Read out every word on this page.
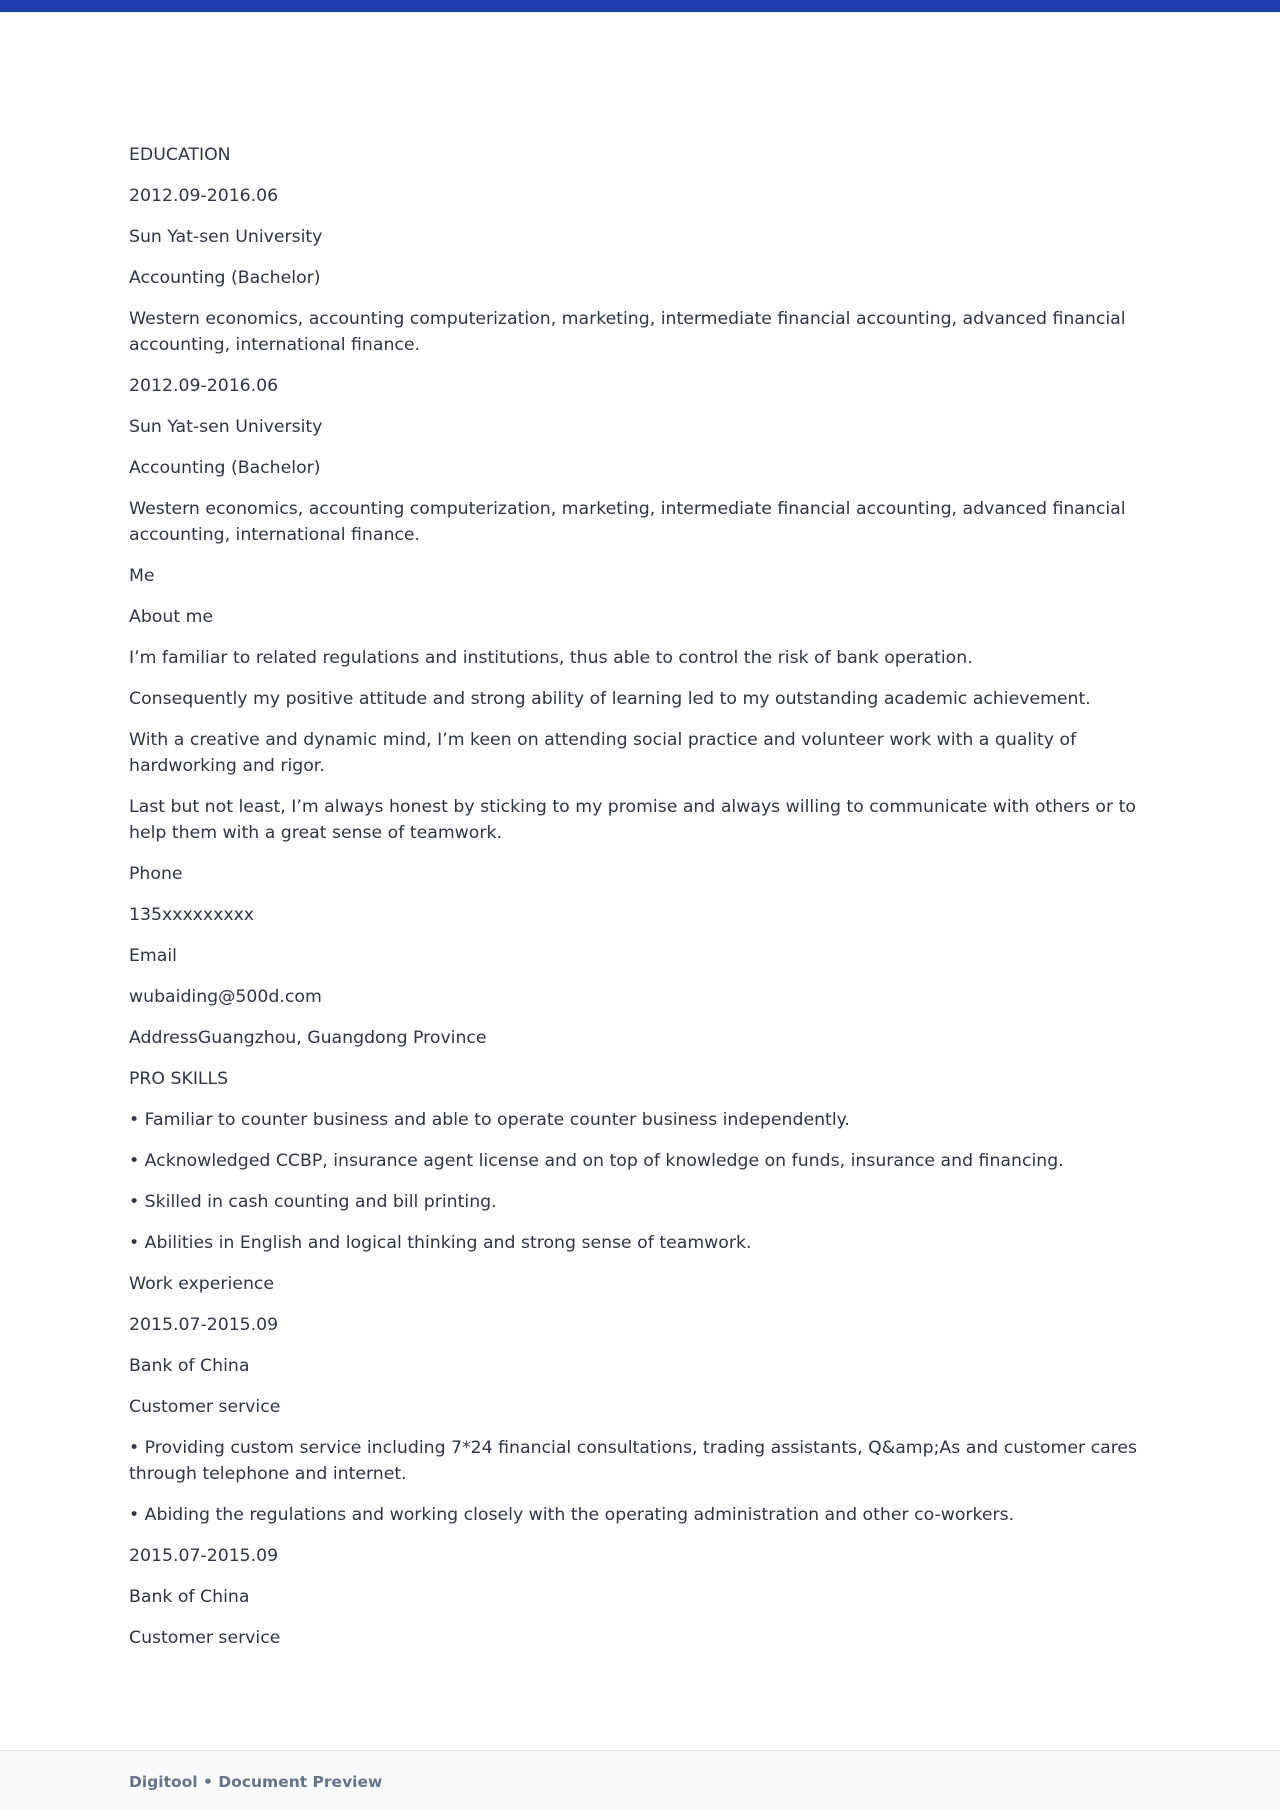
EDUCATION

2012.09-2016.06

Sun Yat-sen University

Accounting (Bachelor)

Western economics, accounting computerization, marketing, intermediate financial accounting, advanced financial accounting, international finance.

2012.09-2016.06

Sun Yat-sen University

Accounting (Bachelor)

Western economics, accounting computerization, marketing, intermediate financial accounting, advanced financial accounting, international finance.

Me

About me

I’m familiar to related regulations and institutions, thus able to control the risk of bank operation.

Consequently my positive attitude and strong ability of learning led to my outstanding academic achievement.

With a creative and dynamic mind, I’m keen on attending social practice and volunteer work with a quality of hardworking and rigor.

Last but not least, I’m always honest by sticking to my promise and always willing to communicate with others or to help them with a great sense of teamwork.

Phone

135xxxxxxxxx

Email

wubaiding@500d.com

AddressGuangzhou, Guangdong Province

PRO SKILLS

• Familiar to counter business and able to operate counter business independently.

• Acknowledged CCBP, insurance agent license and on top of knowledge on funds, insurance and financing.

• Skilled in cash counting and bill printing.

• Abilities in English and logical thinking and strong sense of teamwork.

Work experience

2015.07-2015.09

Bank of China

Customer service

• Providing custom service including 7*24 financial consultations, trading assistants, Q&amp;As and customer cares through telephone and internet.

• Abiding the regulations and working closely with the operating administration and other co-workers.

2015.07-2015.09

Bank of China

Customer service

Digitool • Document Preview
